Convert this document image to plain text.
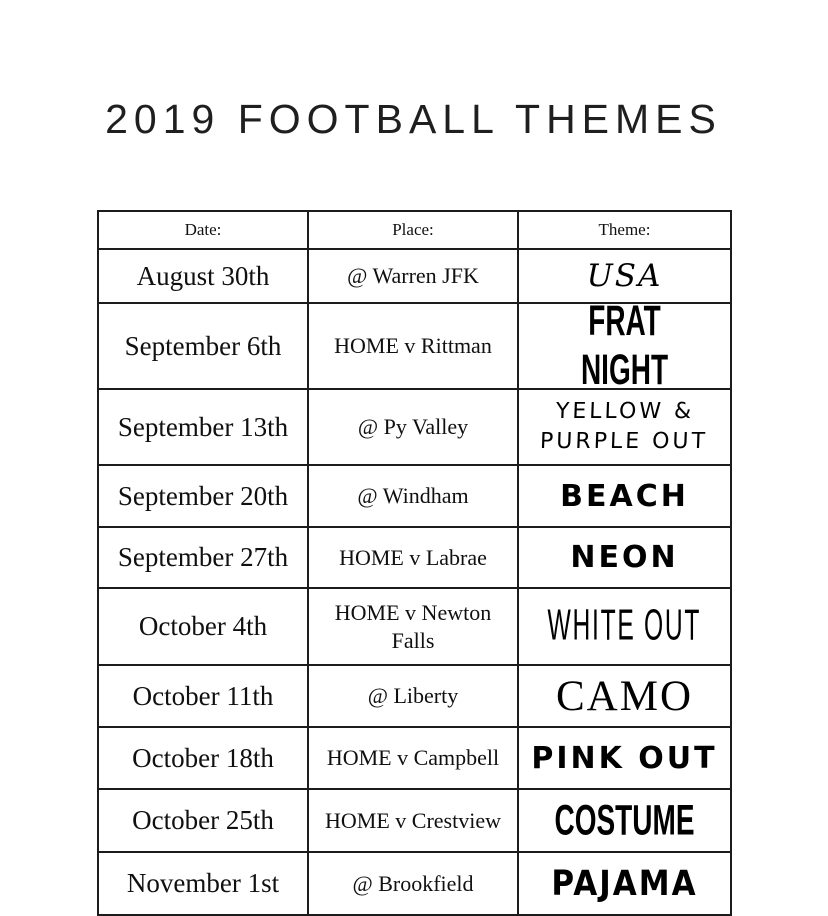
2019 FOOTBALL THEMES
Date:	Place:	Theme:
August 30th	@ Warren JFK	USA
September 6th	HOME v Rittman	FRAT NIGHT
September 13th	@ Py Valley	YELLOW & PURPLE OUT
September 20th	@ Windham	BEACH
September 27th	HOME v Labrae	NEON
October 4th	HOME v Newton Falls	WHITE OUT
October 11th	@ Liberty	CAMO
October 18th	HOME v Campbell	PINK OUT
October 25th	HOME v Crestview	COSTUME
November 1st	@ Brookfield	PAJAMA
